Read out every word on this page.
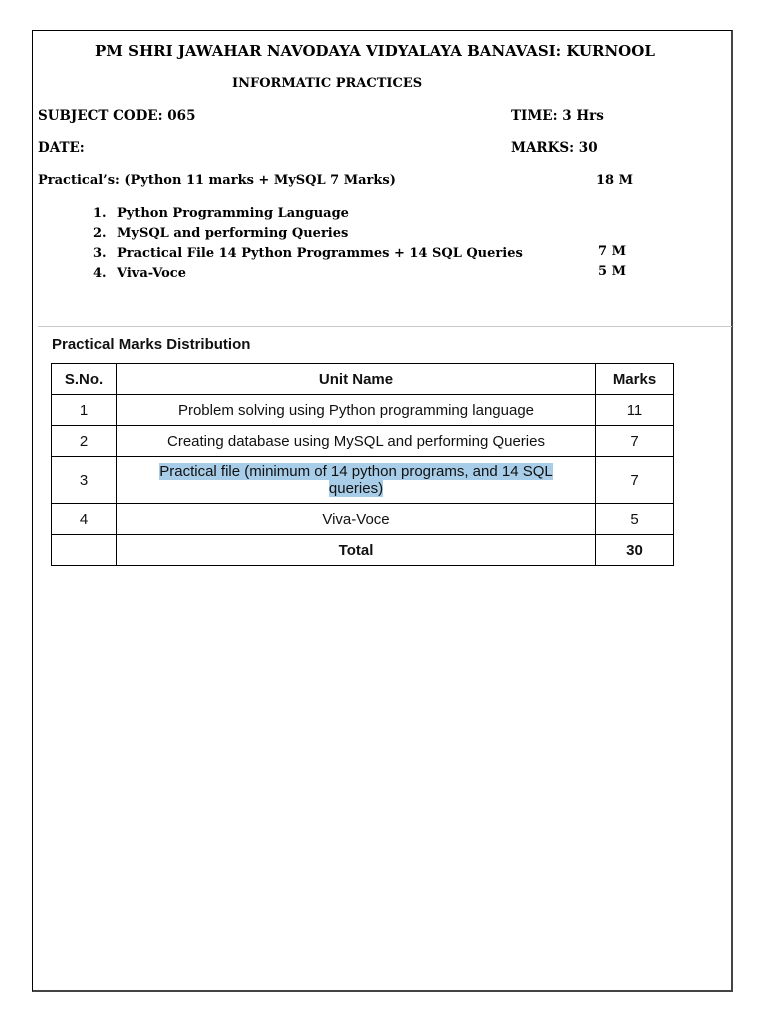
PM SHRI JAWAHAR NAVODAYA VIDYALAYA BANAVASI: KURNOOL
INFORMATIC PRACTICES
SUBJECT CODE: 065	TIME: 3 Hrs
DATE:	MARKS: 30
Practical’s: (Python 11 marks + MySQL 7 Marks)	18 M
1. Python Programming Language
2. MySQL and performing Queries
3. Practical File 14 Python Programmes + 14 SQL Queries
4. Viva-Voce
7 M
5 M
Practical Marks Distribution
S.No.	Unit Name	Marks
1	Problem solving using Python programming language	11
2	Creating database using MySQL and performing Queries	7
3	Practical file (minimum of 14 python programs, and 14 SQL
queries)	7
4	Viva-Voce	5
	Total	30
